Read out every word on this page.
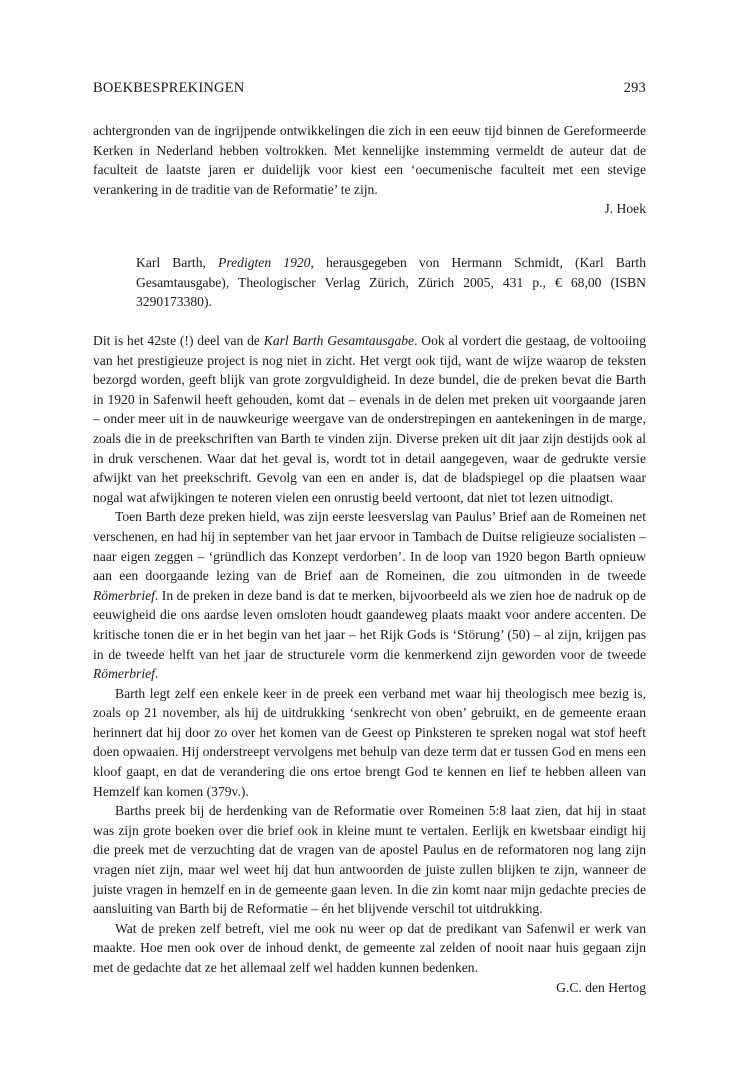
BOEKBESPREKINGEN	293

achtergronden van de ingrijpende ontwikkelingen die zich in een eeuw tijd binnen de Gereformeerde Kerken in Nederland hebben voltrokken. Met kennelijke instemming vermeldt de auteur dat de faculteit de laatste jaren er duidelijk voor kiest een ‘oecumenische faculteit met een stevige verankering in de traditie van de Reformatie’ te zijn.

J. Hoek

Karl Barth, Predigten 1920, herausgegeben von Hermann Schmidt, (Karl Barth Gesamtausgabe), Theologischer Verlag Zürich, Zürich 2005, 431 p., € 68,00 (ISBN 3290173380).

Dit is het 42ste (!) deel van de Karl Barth Gesamtausgabe. Ook al vordert die gestaag, de voltooiing van het prestigieuze project is nog niet in zicht. Het vergt ook tijd, want de wijze waarop de teksten bezorgd worden, geeft blijk van grote zorgvuldigheid. In deze bundel, die de preken bevat die Barth in 1920 in Safenwil heeft gehouden, komt dat – evenals in de delen met preken uit voorgaande jaren – onder meer uit in de nauwkeurige weergave van de onderstrepingen en aantekeningen in de marge, zoals die in de preekschriften van Barth te vinden zijn. Diverse preken uit dit jaar zijn destijds ook al in druk verschenen. Waar dat het geval is, wordt tot in detail aangegeven, waar de gedrukte versie afwijkt van het preekschrift. Gevolg van een en ander is, dat de bladspiegel op die plaatsen waar nogal wat afwijkingen te noteren vielen een onrustig beeld vertoont, dat niet tot lezen uitnodigt.

Toen Barth deze preken hield, was zijn eerste leesverslag van Paulus’ Brief aan de Romeinen net verschenen, en had hij in september van het jaar ervoor in Tambach de Duitse religieuze socialisten – naar eigen zeggen – ‘gründlich das Konzept verdorben’. In de loop van 1920 begon Barth opnieuw aan een doorgaande lezing van de Brief aan de Romeinen, die zou uitmonden in de tweede Römerbrief. In de preken in deze band is dat te merken, bijvoorbeeld als we zien hoe de nadruk op de eeuwigheid die ons aardse leven omsloten houdt gaandeweg plaats maakt voor andere accenten. De kritische tonen die er in het begin van het jaar – het Rijk Gods is ‘Störung’ (50) – al zijn, krijgen pas in de tweede helft van het jaar de structurele vorm die kenmerkend zijn geworden voor de tweede Römerbrief.

Barth legt zelf een enkele keer in de preek een verband met waar hij theologisch mee bezig is, zoals op 21 november, als hij de uitdrukking ‘senkrecht von oben’ gebruikt, en de gemeente eraan herinnert dat hij door zo over het komen van de Geest op Pinksteren te spreken nogal wat stof heeft doen opwaaien. Hij onderstreept vervolgens met behulp van deze term dat er tussen God en mens een kloof gaapt, en dat de verandering die ons ertoe brengt God te kennen en lief te hebben alleen van Hemzelf kan komen (379v.).

Barths preek bij de herdenking van de Reformatie over Romeinen 5:8 laat zien, dat hij in staat was zijn grote boeken over die brief ook in kleine munt te vertalen. Eerlijk en kwetsbaar eindigt hij die preek met de verzuchting dat de vragen van de apostel Paulus en de reformatoren nog lang zijn vragen niet zijn, maar wel weet hij dat hun antwoorden de juiste zullen blijken te zijn, wanneer de juiste vragen in hemzelf en in de gemeente gaan leven. In die zin komt naar mijn gedachte precies de aansluiting van Barth bij de Reformatie – én het blijvende verschil tot uitdrukking.

Wat de preken zelf betreft, viel me ook nu weer op dat de predikant van Safenwil er werk van maakte. Hoe men ook over de inhoud denkt, de gemeente zal zelden of nooit naar huis gegaan zijn met de gedachte dat ze het allemaal zelf wel hadden kunnen bedenken.

G.C. den Hertog
